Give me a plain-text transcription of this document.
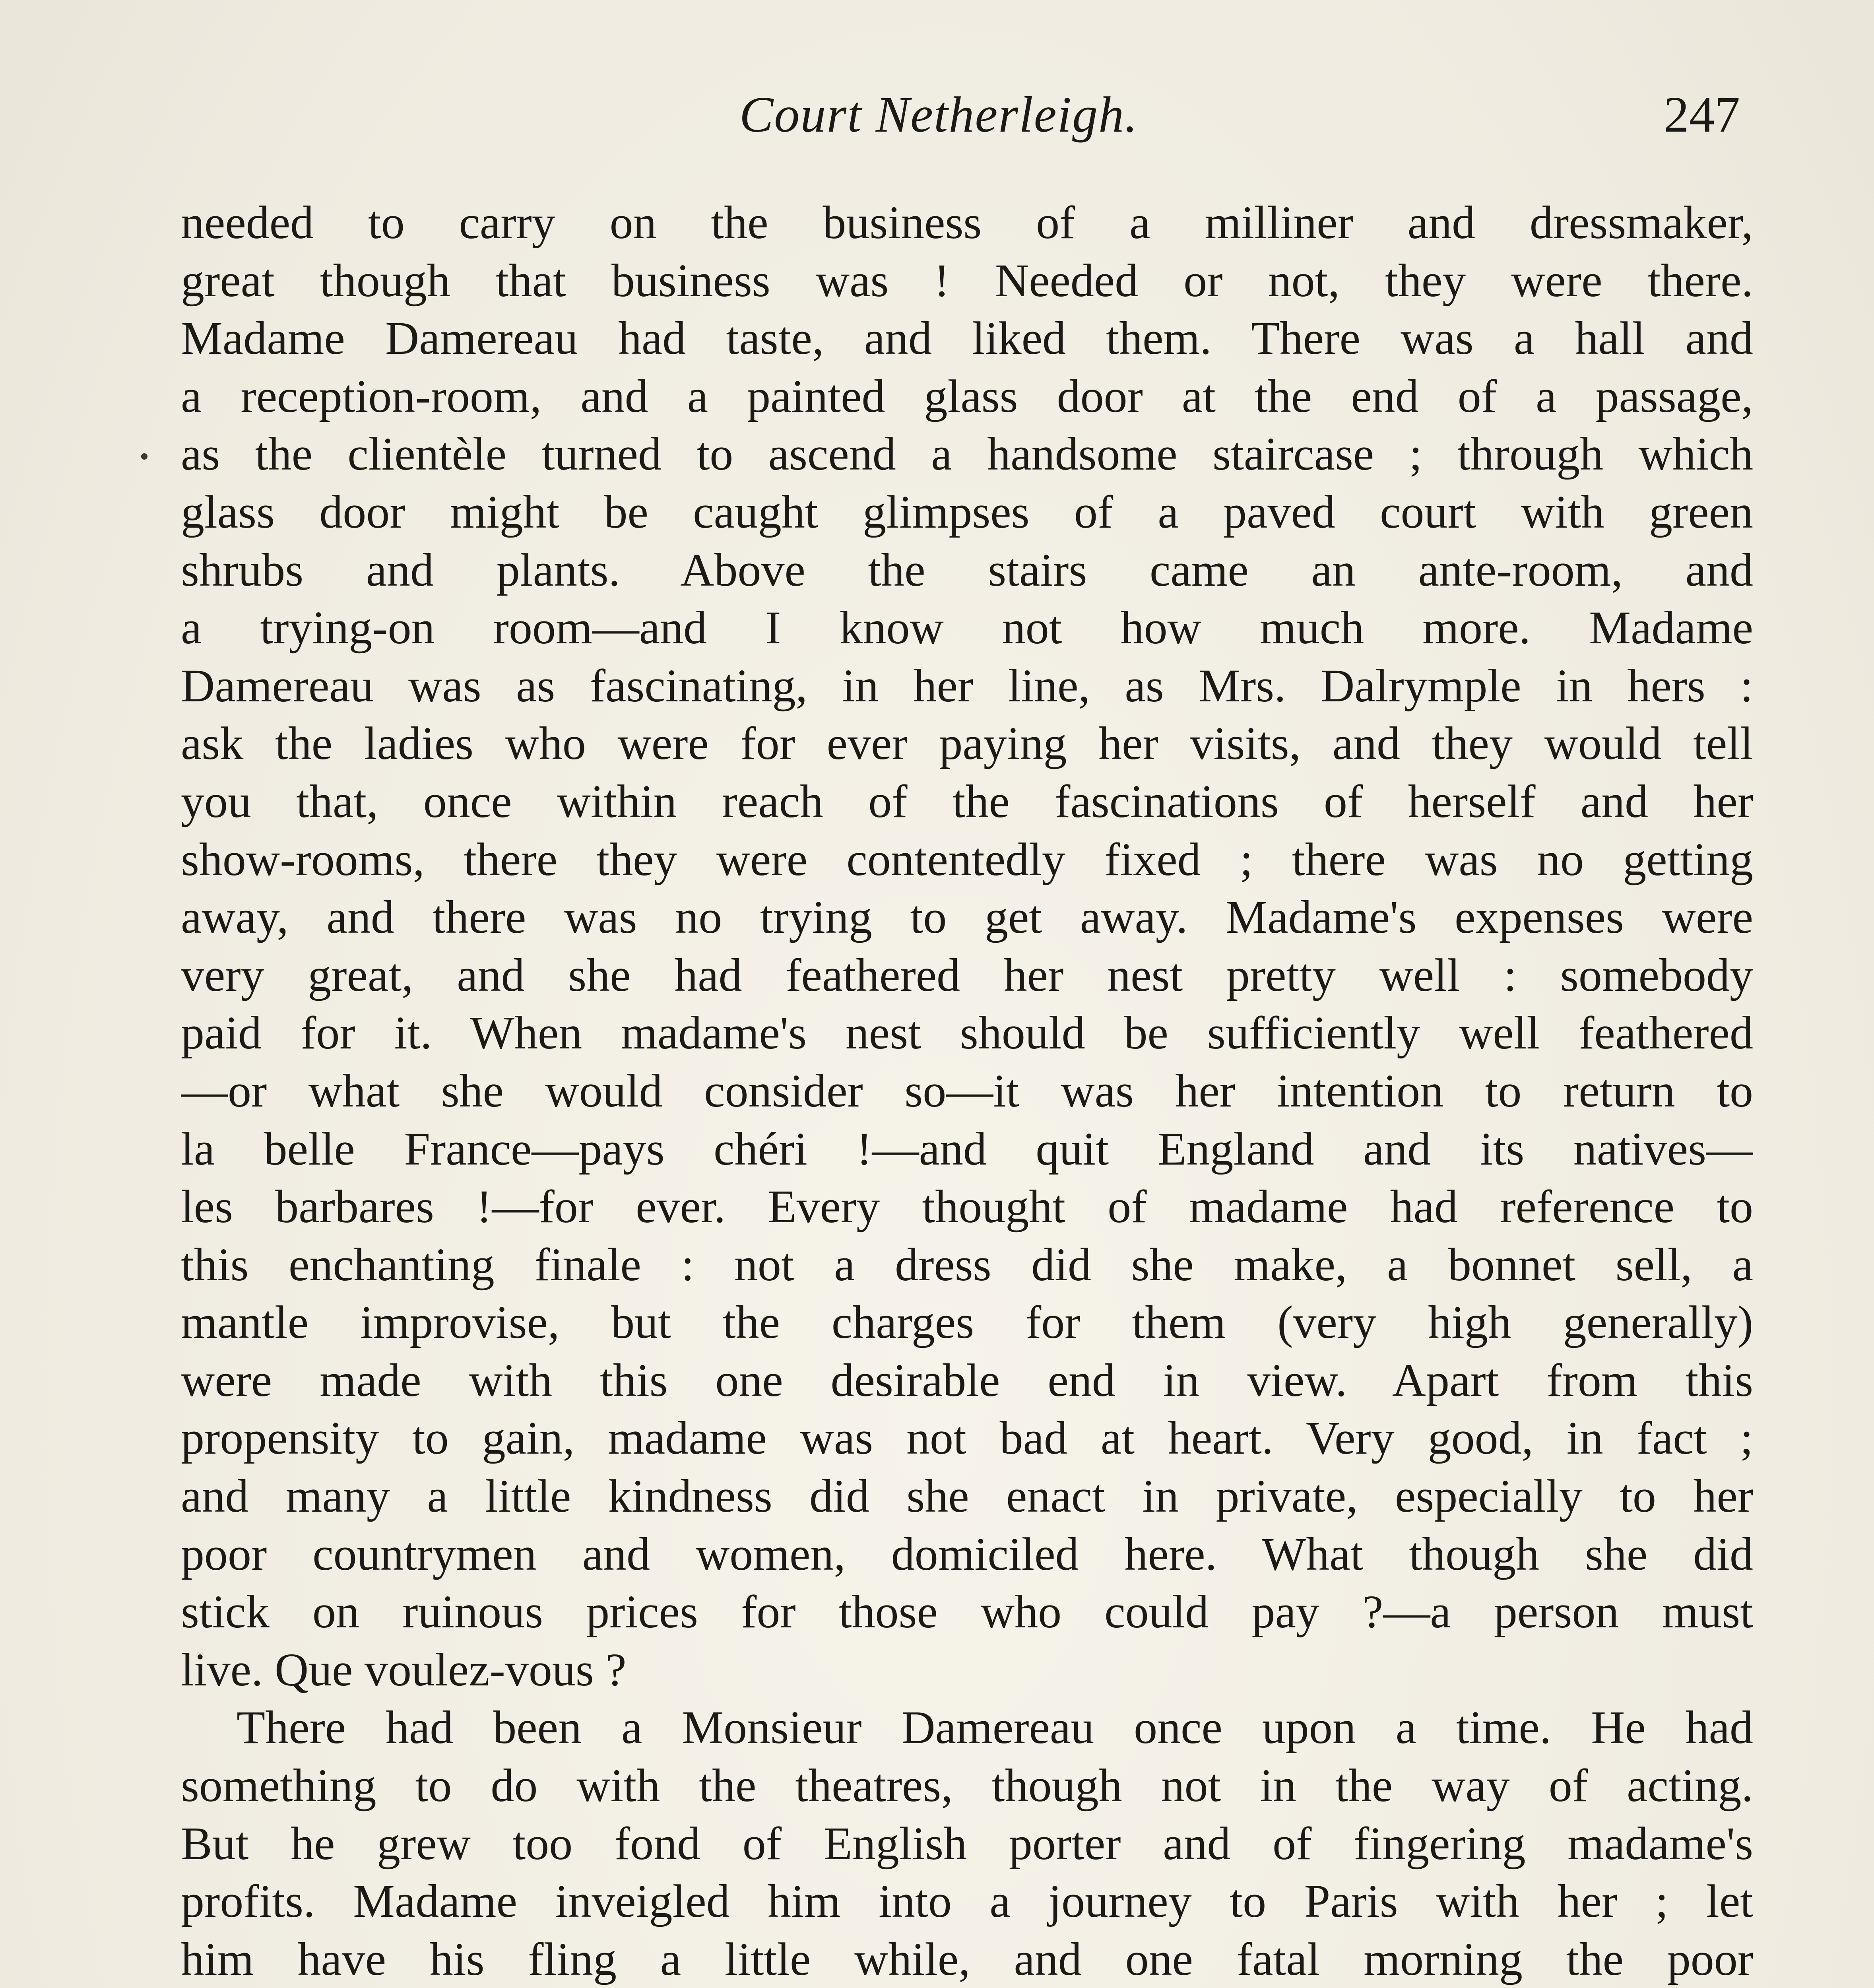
Court Netherleigh.	247
needed to carry on the business of a milliner and dressmaker,
great though that business was ! Needed or not, they were there.
Madame Damereau had taste, and liked them. There was a hall and
a reception-room, and a painted glass door at the end of a passage,
as the clientèle turned to ascend a handsome staircase ; through which
glass door might be caught glimpses of a paved court with green
shrubs and plants. Above the stairs came an ante-room, and
a trying-on room—and I know not how much more. Madame
Damereau was as fascinating, in her line, as Mrs. Dalrymple in hers :
ask the ladies who were for ever paying her visits, and they would tell
you that, once within reach of the fascinations of herself and her
show-rooms, there they were contentedly fixed ; there was no getting
away, and there was no trying to get away. Madame's expenses were
very great, and she had feathered her nest pretty well : somebody
paid for it. When madame's nest should be sufficiently well feathered
—or what she would consider so—it was her intention to return to
la belle France—pays chéri !—and quit England and its natives—
les barbares !—for ever. Every thought of madame had reference to
this enchanting finale : not a dress did she make, a bonnet sell, a
mantle improvise, but the charges for them (very high generally)
were made with this one desirable end in view. Apart from this
propensity to gain, madame was not bad at heart. Very good, in fact ;
and many a little kindness did she enact in private, especially to her
poor countrymen and women, domiciled here. What though she did
stick on ruinous prices for those who could pay ?—a person must
live. Que voulez-vous ?
There had been a Monsieur Damereau once upon a time. He had
something to do with the theatres, though not in the way of acting.
But he grew too fond of English porter and of fingering madame's
profits. Madame inveigled him into a journey to Paris with her ; let
him have his fling a little while, and one fatal morning the poor
